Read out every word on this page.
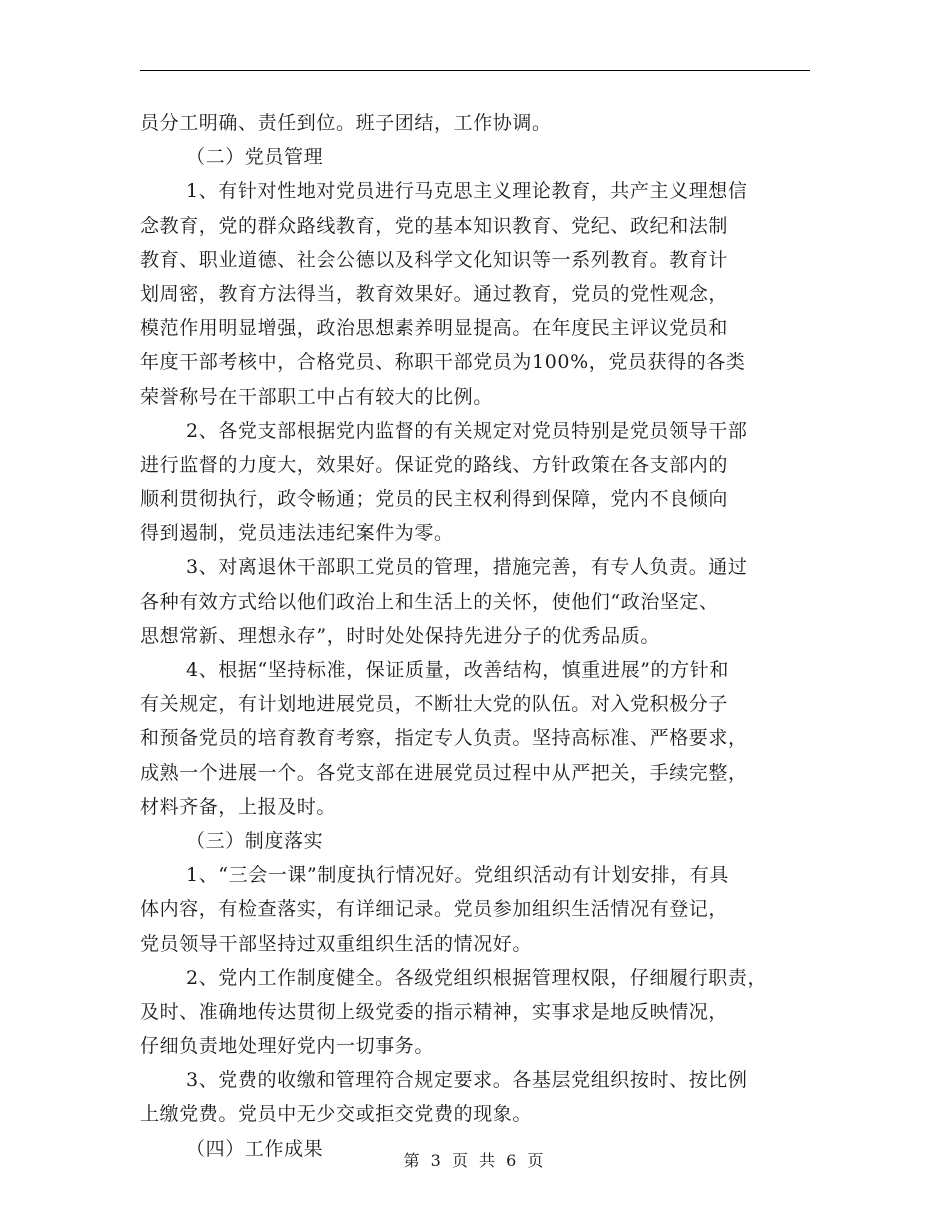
员分工明确、责任到位。班子团结，工作协调。
（二）党员管理
1、有针对性地对党员进行马克思主义理论教育，共产主义理想信
念教育，党的群众路线教育，党的基本知识教育、党纪、政纪和法制
教育、职业道德、社会公德以及科学文化知识等一系列教育。教育计
划周密，教育方法得当，教育效果好。通过教育，党员的党性观念，
模范作用明显增强，政治思想素养明显提高。在年度民主评议党员和
年度干部考核中，合格党员、称职干部党员为100%，党员获得的各类
荣誉称号在干部职工中占有较大的比例。
2、各党支部根据党内监督的有关规定对党员特别是党员领导干部
进行监督的力度大，效果好。保证党的路线、方针政策在各支部内的
顺利贯彻执行，政令畅通；党员的民主权利得到保障，党内不良倾向
得到遏制，党员违法违纪案件为零。
3、对离退休干部职工党员的管理，措施完善，有专人负责。通过
各种有效方式给以他们政治上和生活上的关怀，使他们“政治坚定、
思想常新、理想永存”，时时处处保持先进分子的优秀品质。
4、根据“坚持标准，保证质量，改善结构，慎重进展”的方针和
有关规定，有计划地进展党员，不断壮大党的队伍。对入党积极分子
和预备党员的培育教育考察，指定专人负责。坚持高标准、严格要求，
成熟一个进展一个。各党支部在进展党员过程中从严把关，手续完整，
材料齐备，上报及时。
（三）制度落实
1、“三会一课”制度执行情况好。党组织活动有计划安排，有具
体内容，有检查落实，有详细记录。党员参加组织生活情况有登记，
党员领导干部坚持过双重组织生活的情况好。
2、党内工作制度健全。各级党组织根据管理权限，仔细履行职责，
及时、准确地传达贯彻上级党委的指示精神，实事求是地反映情况，
仔细负责地处理好党内一切事务。
3、党费的收缴和管理符合规定要求。各基层党组织按时、按比例
上缴党费。党员中无少交或拒交党费的现象。
（四）工作成果
第 3 页 共 6 页
